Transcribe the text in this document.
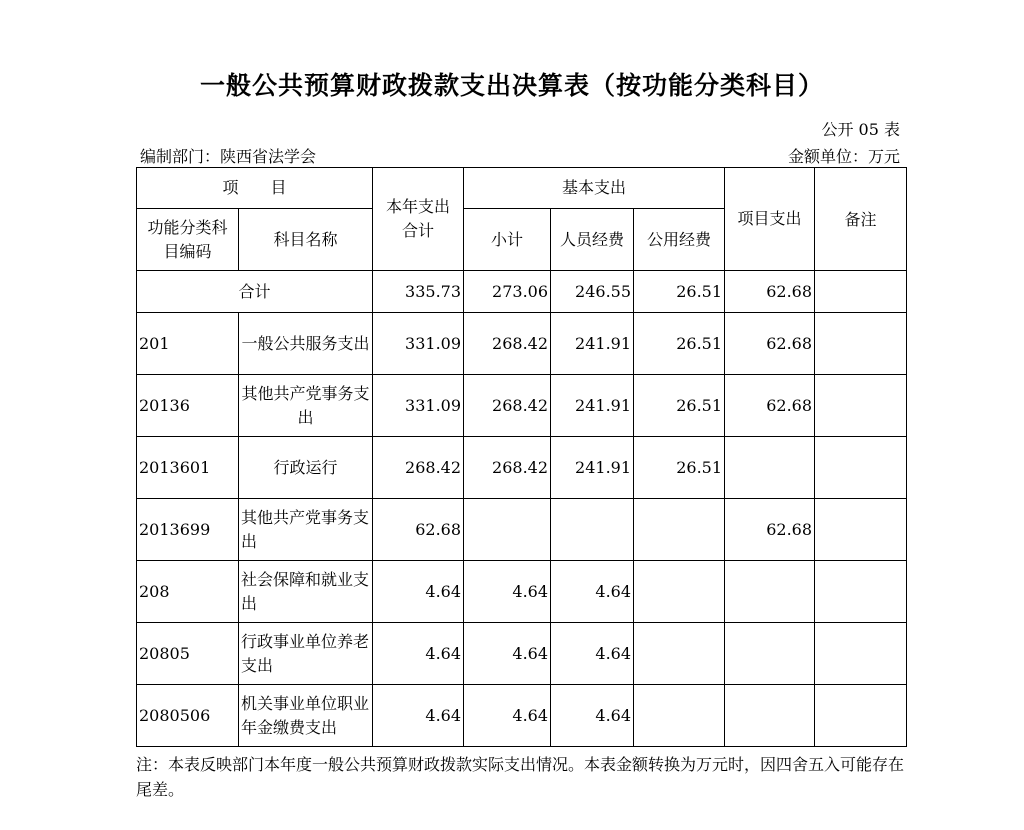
一般公共预算财政拨款支出决算表（按功能分类科目）
公开 05 表
编制部门：陕西省法学会	金额单位：万元
项　　目		本年支出合计	基本支出			项目支出	备注
功能分类科目编码	科目名称		小计	人员经费	公用经费		
合计		335.73	273.06	246.55	26.51	62.68	
201	一般公共服务支出	331.09	268.42	241.91	26.51	62.68	
20136	其他共产党事务支出	331.09	268.42	241.91	26.51	62.68	
2013601	行政运行	268.42	268.42	241.91	26.51		
2013699	其他共产党事务支出	62.68				62.68	
208	社会保障和就业支出	4.64	4.64	4.64			
20805	行政事业单位养老支出	4.64	4.64	4.64			
2080506	机关事业单位职业年金缴费支出	4.64	4.64	4.64			
注：本表反映部门本年度一般公共预算财政拨款实际支出情况。本表金额转换为万元时，因四舍五入可能存在尾差。
